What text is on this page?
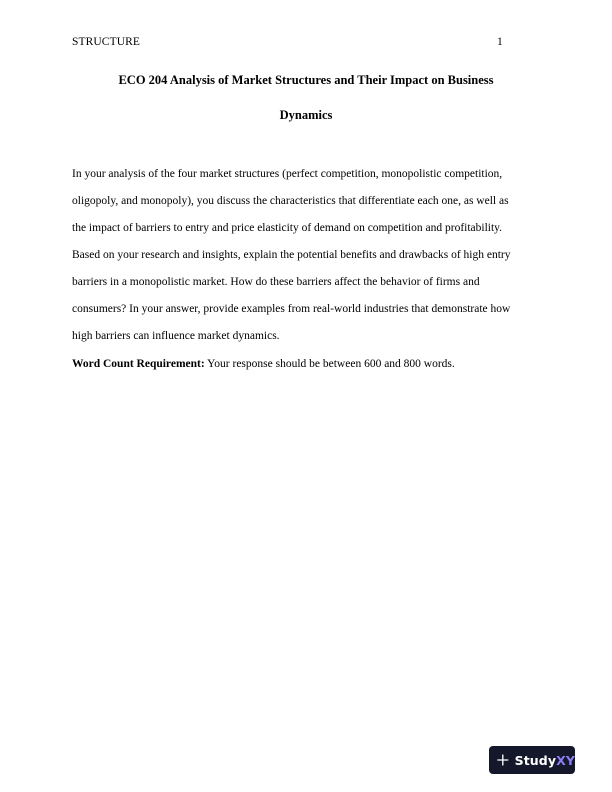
STRUCTURE	1
ECO 204 Analysis of Market Structures and Their Impact on Business
Dynamics
In your analysis of the four market structures (perfect competition, monopolistic competition,
oligopoly, and monopoly), you discuss the characteristics that differentiate each one, as well as
the impact of barriers to entry and price elasticity of demand on competition and profitability.
Based on your research and insights, explain the potential benefits and drawbacks of high entry
barriers in a monopolistic market. How do these barriers affect the behavior of firms and
consumers? In your answer, provide examples from real-world industries that demonstrate how
high barriers can influence market dynamics.
Word Count Requirement: Your response should be between 600 and 800 words.
StudyXY
